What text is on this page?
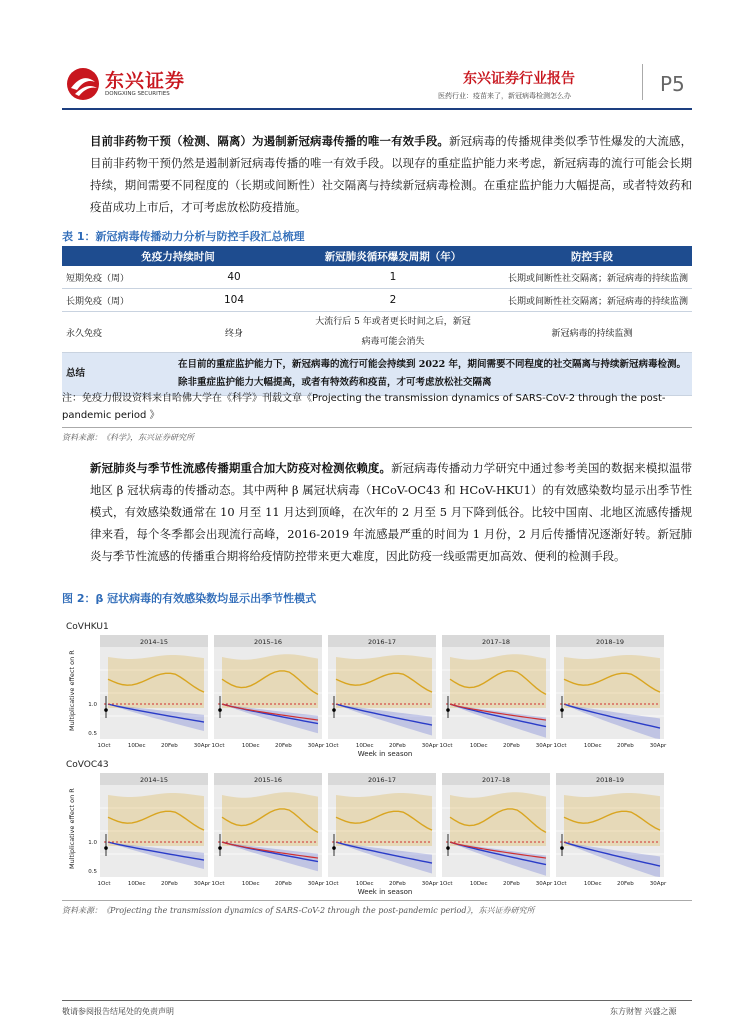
东兴证券
DONGXING SECURITIES
东兴证券行业报告
医药行业：疫苗来了，新冠病毒检测怎么办	P5
目前非药物干预（检测、隔离）为遏制新冠病毒传播的唯一有效手段。新冠病毒的传播规律类似季节性爆发的大流感，目前非药物干预仍然是遏制新冠病毒传播的唯一有效手段。以现存的重症监护能力来考虑，新冠病毒的流行可能会长期持续，期间需要不同程度的（长期或间断性）社交隔离与持续新冠病毒检测。在重症监护能力大幅提高，或者特效药和疫苗成功上市后，才可考虑放松防疫措施。
表 1：新冠病毒传播动力分析与防控手段汇总梳理
免疫力持续时间		新冠肺炎循环爆发周期（年）	防控手段
短期免疫（周）	40	1	长期或间断性社交隔离；新冠病毒的持续监测
长期免疫（周）	104	2	长期或间断性社交隔离；新冠病毒的持续监测
永久免疫	终身	大流行后 5 年或者更长时间之后，新冠病毒可能会消失	新冠病毒的持续监测
总结	在目前的重症监护能力下，新冠病毒的流行可能会持续到 2022 年，期间需要不同程度的社交隔离与持续新冠病毒检测。除非重症监护能力大幅提高，或者有特效药和疫苗，才可考虑放松社交隔离		
注：免疫力假设资料来自哈佛大学在《科学》刊载文章《Projecting the transmission dynamics of SARS-CoV-2 through the post-pandemic period 》
资料来源：《科学》，东兴证券研究所
新冠肺炎与季节性流感传播期重合加大防疫对检测依赖度。新冠病毒传播动力学研究中通过参考美国的数据来模拟温带地区 β 冠状病毒的传播动态。其中两种 β 属冠状病毒（HCoV-OC43 和 HCoV-HKU1）的有效感染数均显示出季节性模式，有效感染数通常在 10 月至 11 月达到顶峰，在次年的 2 月至 5 月下降到低谷。比较中国南、北地区流感传播规律来看，每个冬季都会出现流行高峰，2016-2019 年流感最严重的时间为 1 月份，2 月后传播情况逐渐好转。新冠肺炎与季节性流感的传播重合期将给疫情防控带来更大难度，因此防疫一线亟需更加高效、便利的检测手段。
图 2：β 冠状病毒的有效感染数均显示出季节性模式
CoVHKU1
Multiplicative effect on R
2014–15
1Oct	10Dec	20Feb	30Apr
1.0
0.5
2015–16
1Oct	10Dec	20Feb	30Apr
2016–17
1Oct	10Dec	20Feb	30Apr
2017–18
1Oct	10Dec	20Feb	30Apr
2018–19
1Oct	10Dec	20Feb	30Apr
Week in season
CoVOC43
Multiplicative effect on R
2014–15
1Oct	10Dec	20Feb	30Apr
1.0
0.5
2015–16
1Oct	10Dec	20Feb	30Apr
2016–17
1Oct	10Dec	20Feb	30Apr
2017–18
1Oct	10Dec	20Feb	30Apr
2018–19
1Oct	10Dec	20Feb	30Apr
Week in season
资料来源：《Projecting the transmission dynamics of SARS-CoV-2 through the post-pandemic period》，东兴证券研究所
敬请参阅报告结尾处的免责声明	东方财智 兴盛之源
